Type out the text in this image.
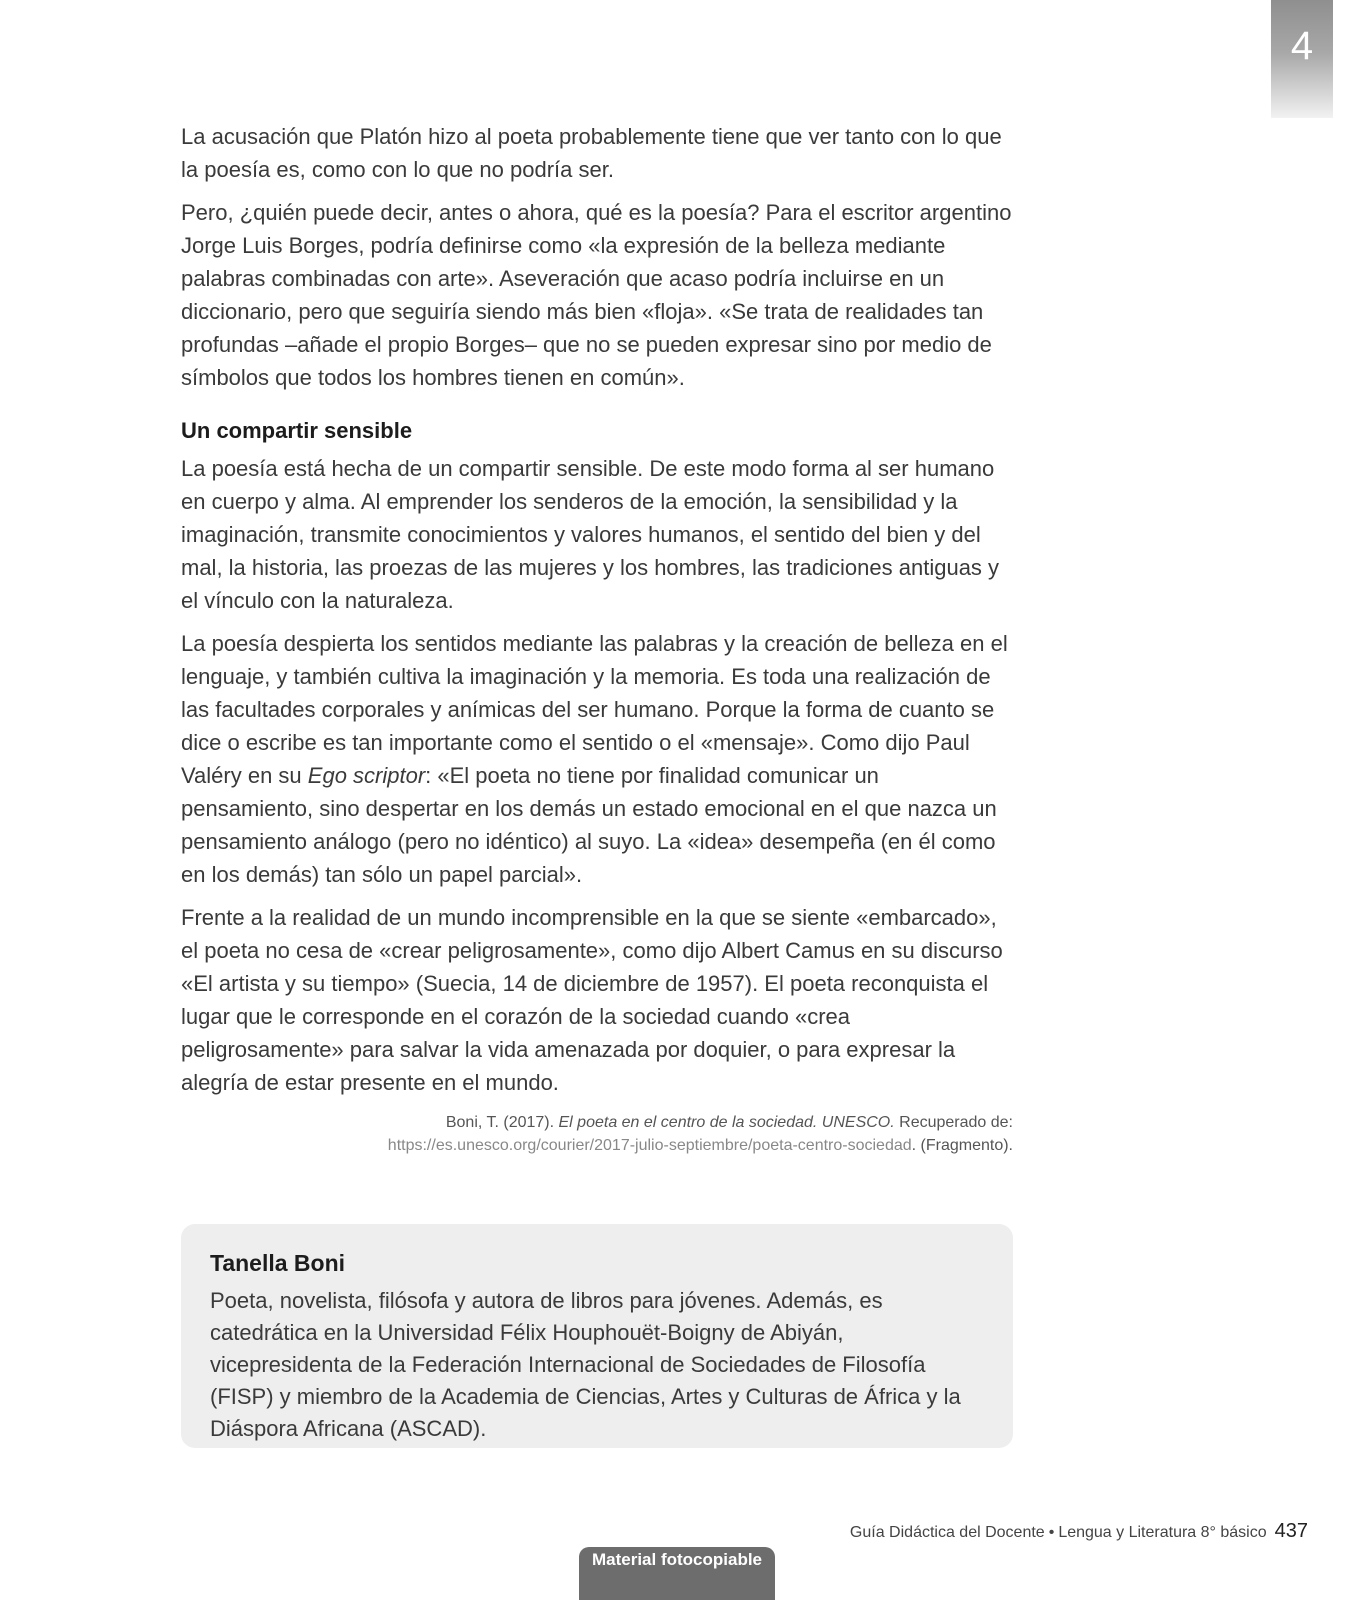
4

La acusación que Platón hizo al poeta probablemente tiene que ver tanto con lo que la poesía es, como con lo que no podría ser.

Pero, ¿quién puede decir, antes o ahora, qué es la poesía? Para el escritor argentino Jorge Luis Borges, podría definirse como «la expresión de la belleza mediante palabras combinadas con arte». Aseveración que acaso podría incluirse en un diccionario, pero que seguiría siendo más bien «floja». «Se trata de realidades tan profundas –añade el propio Borges– que no se pueden expresar sino por medio de símbolos que todos los hombres tienen en común».

Un compartir sensible

La poesía está hecha de un compartir sensible. De este modo forma al ser humano en cuerpo y alma. Al emprender los senderos de la emoción, la sensibilidad y la imaginación, transmite conocimientos y valores humanos, el sentido del bien y del mal, la historia, las proezas de las mujeres y los hombres, las tradiciones antiguas y el vínculo con la naturaleza.

La poesía despierta los sentidos mediante las palabras y la creación de belleza en el lenguaje, y también cultiva la imaginación y la memoria. Es toda una realización de las facultades corporales y anímicas del ser humano. Porque la forma de cuanto se dice o escribe es tan importante como el sentido o el «mensaje». Como dijo Paul Valéry en su Ego scriptor: «El poeta no tiene por finalidad comunicar un pensamiento, sino despertar en los demás un estado emocional en el que nazca un pensamiento análogo (pero no idéntico) al suyo. La «idea» desempeña (en él como en los demás) tan sólo un papel parcial».

Frente a la realidad de un mundo incomprensible en la que se siente «embarcado», el poeta no cesa de «crear peligrosamente», como dijo Albert Camus en su discurso «El artista y su tiempo» (Suecia, 14 de diciembre de 1957). El poeta reconquista el lugar que le corresponde en el corazón de la sociedad cuando «crea peligrosamente» para salvar la vida amenazada por doquier, o para expresar la alegría de estar presente en el mundo.

Boni, T. (2017). El poeta en el centro de la sociedad. UNESCO. Recuperado de:
https://es.unesco.org/courier/2017-julio-septiembre/poeta-centro-sociedad. (Fragmento).
Tanella Boni

Poeta, novelista, filósofa y autora de libros para jóvenes. Además, es catedrática en la Universidad Félix Houphouët-Boigny de Abiyán, vicepresidenta de la Federación Internacional de Sociedades de Filosofía (FISP) y miembro de la Academia de Ciencias, Artes y Culturas de África y la Diáspora Africana (ASCAD).

Guía Didáctica del Docente • Lengua y Literatura 8° básico 437
Material fotocopiable
